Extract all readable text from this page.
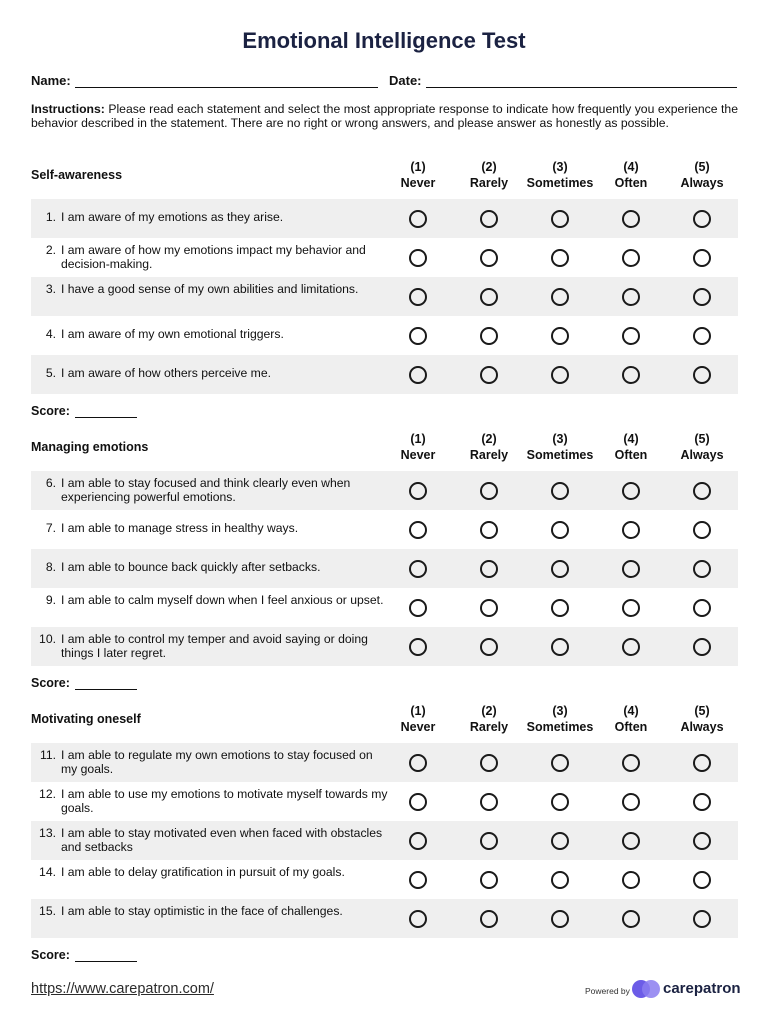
Emotional Intelligence Test
Name:	Date:

Instructions: Please read each statement and select the most appropriate response to indicate how frequently you experience the behavior described in the statement. There are no right or wrong answers, and please answer as honestly as possible.

Self-awareness
(1)
Never
(2)
Rarely
(3)
Sometimes
(4)
Often
(5)
Always
1. I am aware of my emotions as they arise.
2. I am aware of how my emotions impact my behavior and decision-making.
3. I have a good sense of my own abilities and limitations.
4. I am aware of my own emotional triggers.
5. I am aware of how others perceive me.
Score:
Managing emotions
(1)
Never
(2)
Rarely
(3)
Sometimes
(4)
Often
(5)
Always
6. I am able to stay focused and think clearly even when experiencing powerful emotions.
7. I am able to manage stress in healthy ways.
8. I am able to bounce back quickly after setbacks.
9. I am able to calm myself down when I feel anxious or upset.
10. I am able to control my temper and avoid saying or doing things I later regret.
Score:
Motivating oneself
(1)
Never
(2)
Rarely
(3)
Sometimes
(4)
Often
(5)
Always
11. I am able to regulate my own emotions to stay focused on my goals.
12. I am able to use my emotions to motivate myself towards my goals.
13. I am able to stay motivated even when faced with obstacles and setbacks
14. I am able to delay gratification in pursuit of my goals.
15. I am able to stay optimistic in the face of challenges.
Score:
https://www.carepatron.com/	Powered by carepatron
